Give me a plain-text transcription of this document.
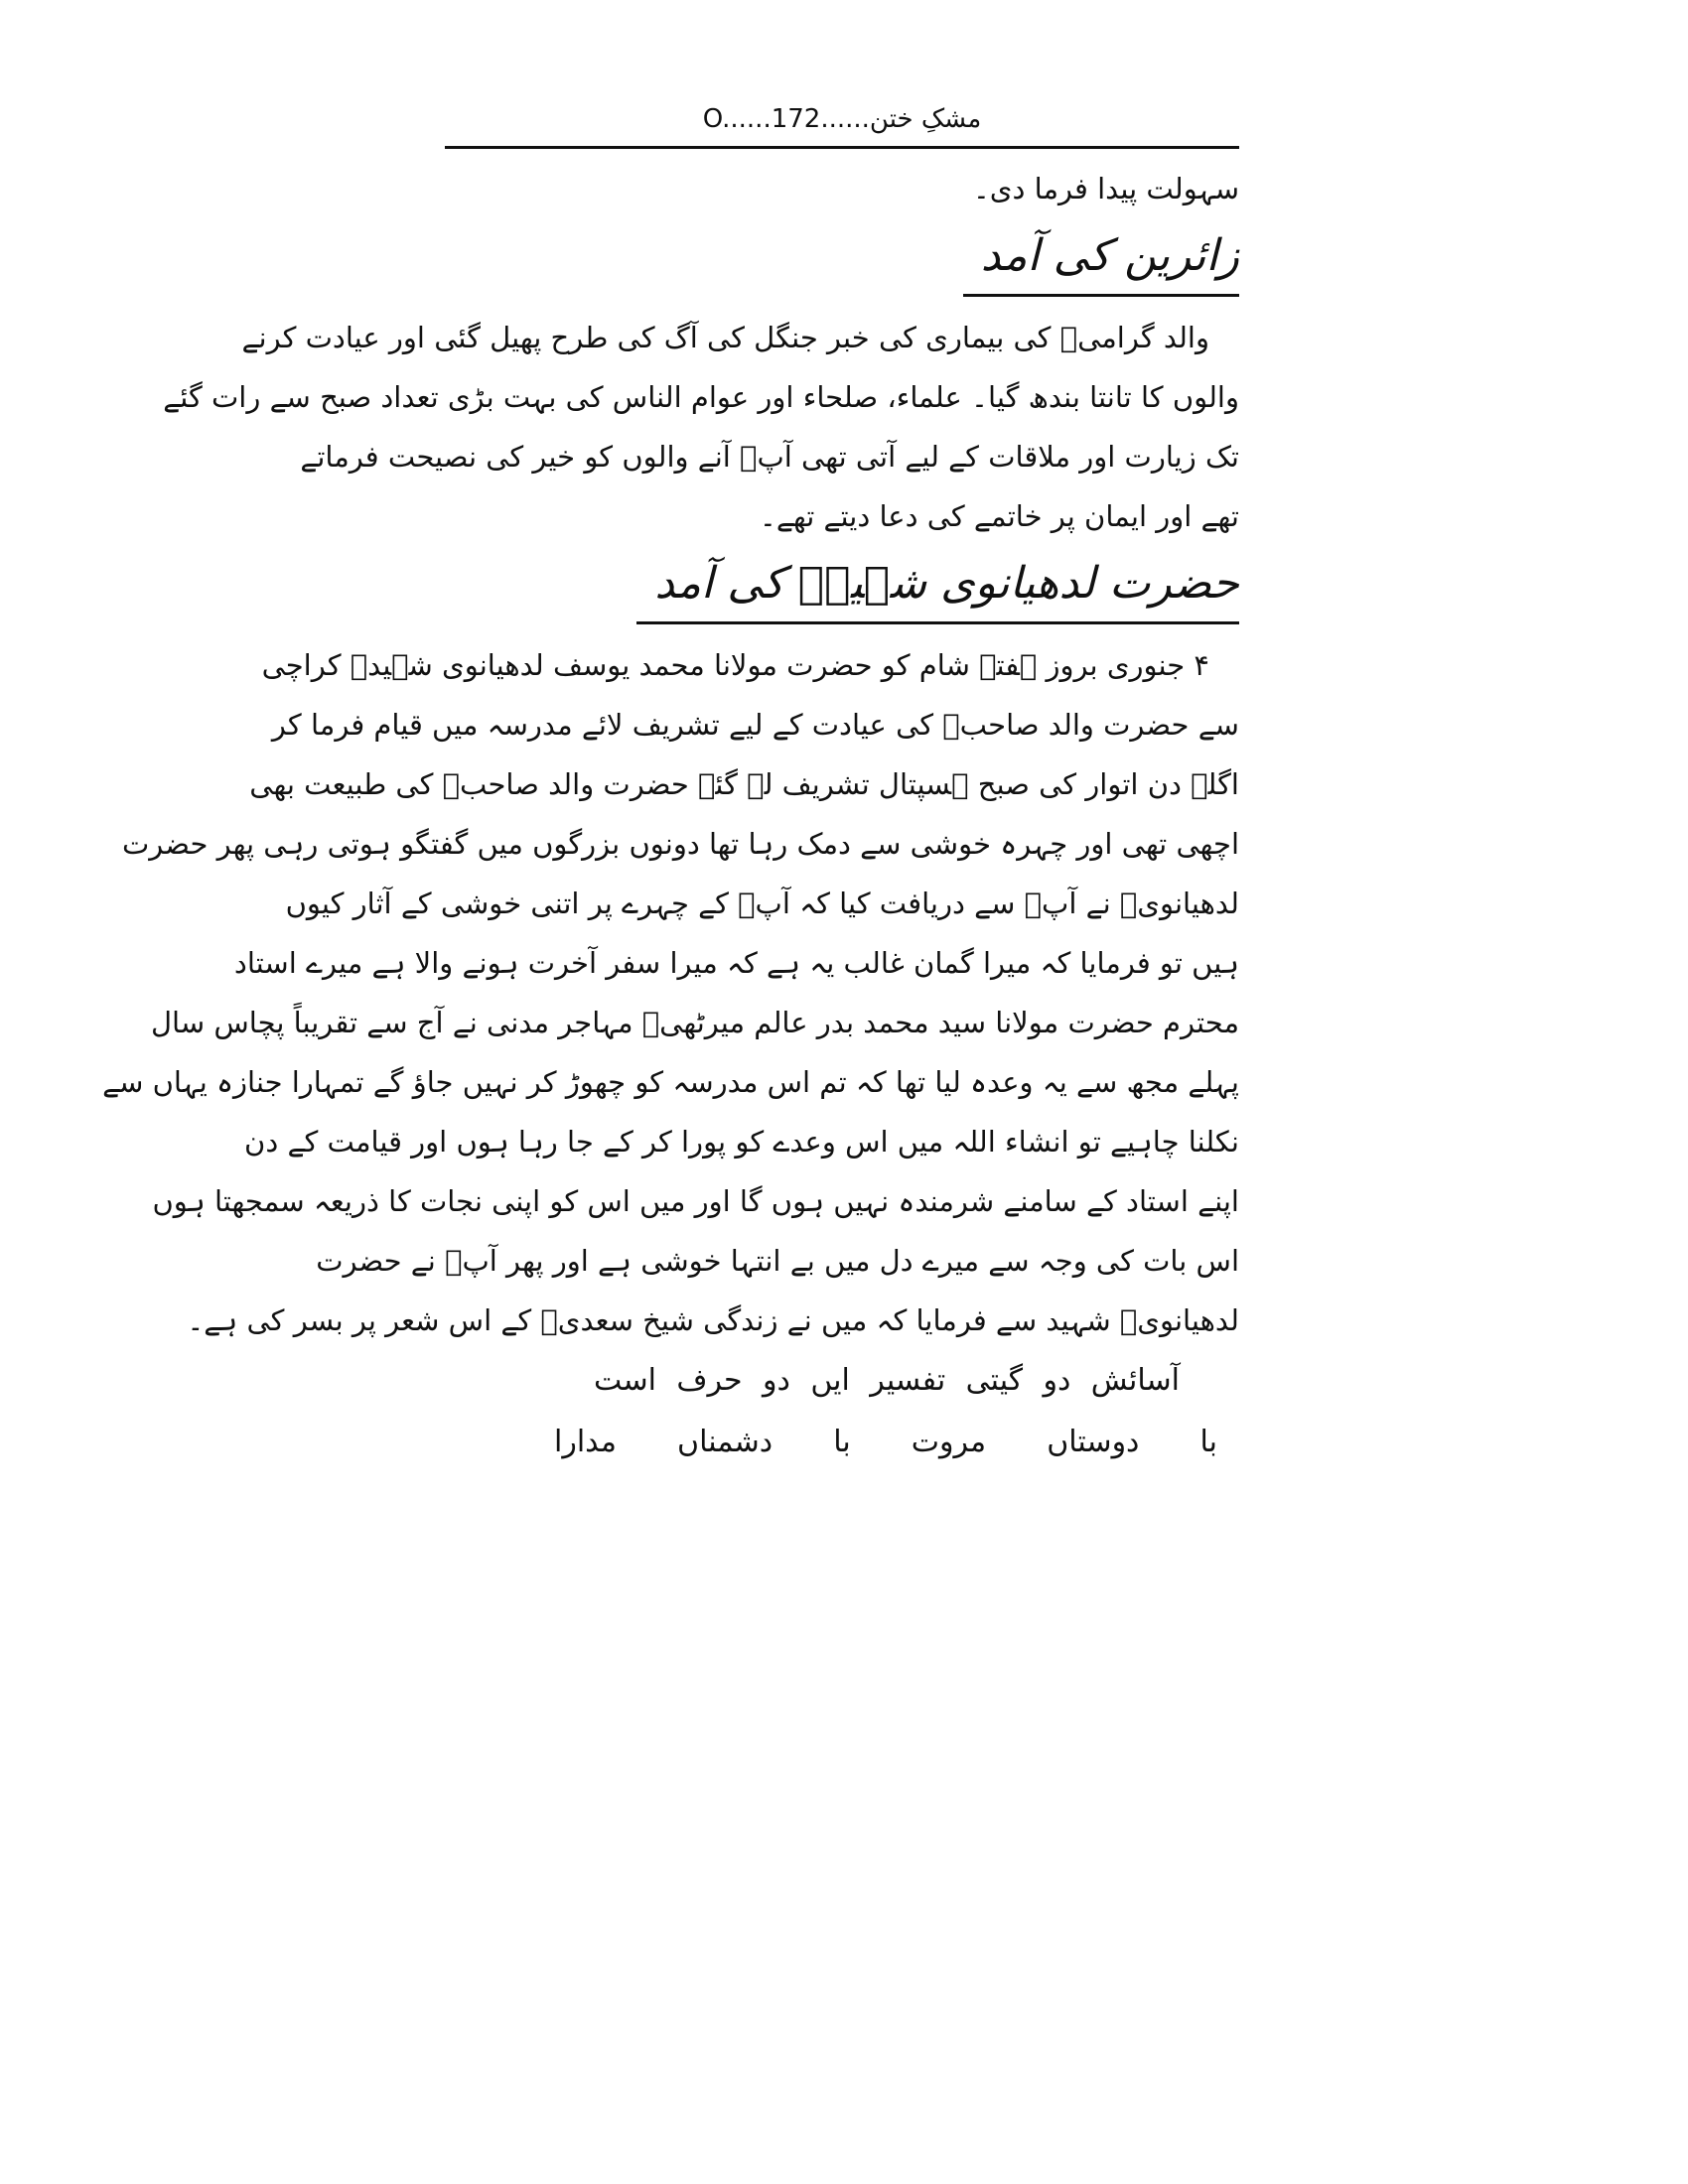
مشکِ ختن......O......172
سہولت پیدا فرما دی۔
زائرین کی آمد
والد گرامیؒ کی بیماری کی خبر جنگل کی آگ کی طرح پھیل گئی اور عیادت کرنے
والوں کا تانتا بندھ گیا۔ علماء، صلحاء اور عوام الناس کی بہت بڑی تعداد صبح سے رات گئے
تک زیارت اور ملاقات کے لیے آتی تھی آپؒ آنے والوں کو خیر کی نصیحت فرماتے
تھے اور ایمان پر خاتمے کی دعا دیتے تھے۔
حضرت لدھیانوی شہیدؒ کی آمد
۴ جنوری بروز ہفتہ شام کو حضرت مولانا محمد یوسف لدھیانوی شہیدؒ کراچی
سے حضرت والد صاحبؒ کی عیادت کے لیے تشریف لائے مدرسہ میں قیام فرما کر
اگلے دن اتوار کی صبح ہسپتال تشریف لے گئے حضرت والد صاحبؒ کی طبیعت بھی
اچھی تھی اور چہرہ خوشی سے دمک رہا تھا دونوں بزرگوں میں گفتگو ہوتی رہی پھر حضرت
لدھیانویؒ نے آپؒ سے دریافت کیا کہ آپؒ کے چہرے پر اتنی خوشی کے آثار کیوں
ہیں تو فرمایا کہ میرا گمان غالب یہ ہے کہ میرا سفر آخرت ہونے والا ہے میرے استاد
محترم حضرت مولانا سید محمد بدر عالم میرٹھیؒ مہاجر مدنی نے آج سے تقریباً پچاس سال
پہلے مجھ سے یہ وعدہ لیا تھا کہ تم اس مدرسہ کو چھوڑ کر نہیں جاؤ گے تمہارا جنازہ یہاں سے
نکلنا چاہیے تو انشاء اللہ میں اس وعدے کو پورا کر کے جا رہا ہوں اور قیامت کے دن
اپنے استاد کے سامنے شرمندہ نہیں ہوں گا اور میں اس کو اپنی نجات کا ذریعہ سمجھتا ہوں
اس بات کی وجہ سے میرے دل میں بے انتہا خوشی ہے اور پھر آپؒ نے حضرت
لدھیانویؒ شہید سے فرمایا کہ میں نے زندگی شیخ سعدیؒ کے اس شعر پر بسر کی ہے۔
آسائش دو گیتی تفسیر ایں دو حرف است
با دوستاں مروت با دشمناں مدارا
